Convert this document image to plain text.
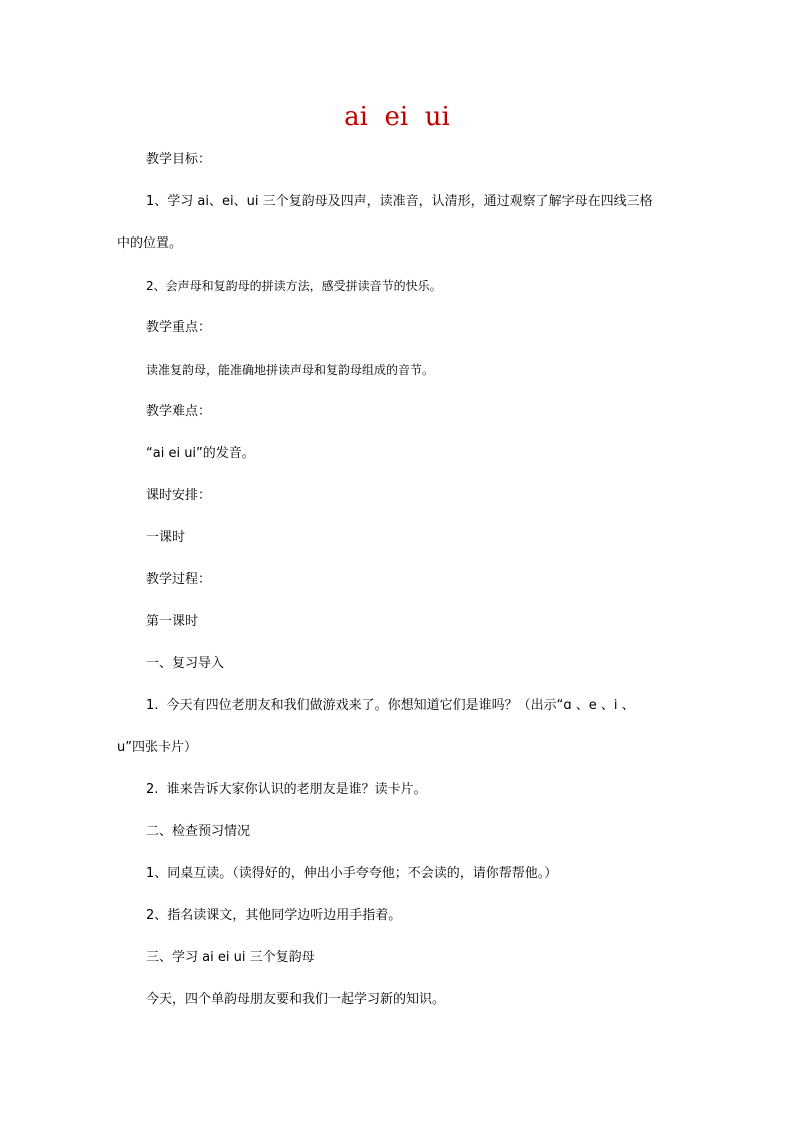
ai  ei  ui
教学目标：
1、学习 ai、ei、ui 三个复韵母及四声，读准音，认清形，通过观察了解字母在四线三格
中的位置。
2、会声母和复韵母的拼读方法，感受拼读音节的快乐。
教学重点：
读准复韵母，能准确地拼读声母和复韵母组成的音节。
教学难点：
“ai ei ui”的发音。
课时安排：
一课时
教学过程：
第一课时
一、复习导入
1.  今天有四位老朋友和我们做游戏来了。你想知道它们是谁吗？（出示“ɑ 、e 、i 、
u”四张卡片）
2.  谁来告诉大家你认识的老朋友是谁？读卡片。
二、检查预习情况
1、同桌互读。（读得好的，伸出小手夸夸他；不会读的，请你帮帮他。）
2、指名读课文，其他同学边听边用手指着。
三、学习 ai ei ui 三个复韵母
今天，四个单韵母朋友要和我们一起学习新的知识。
